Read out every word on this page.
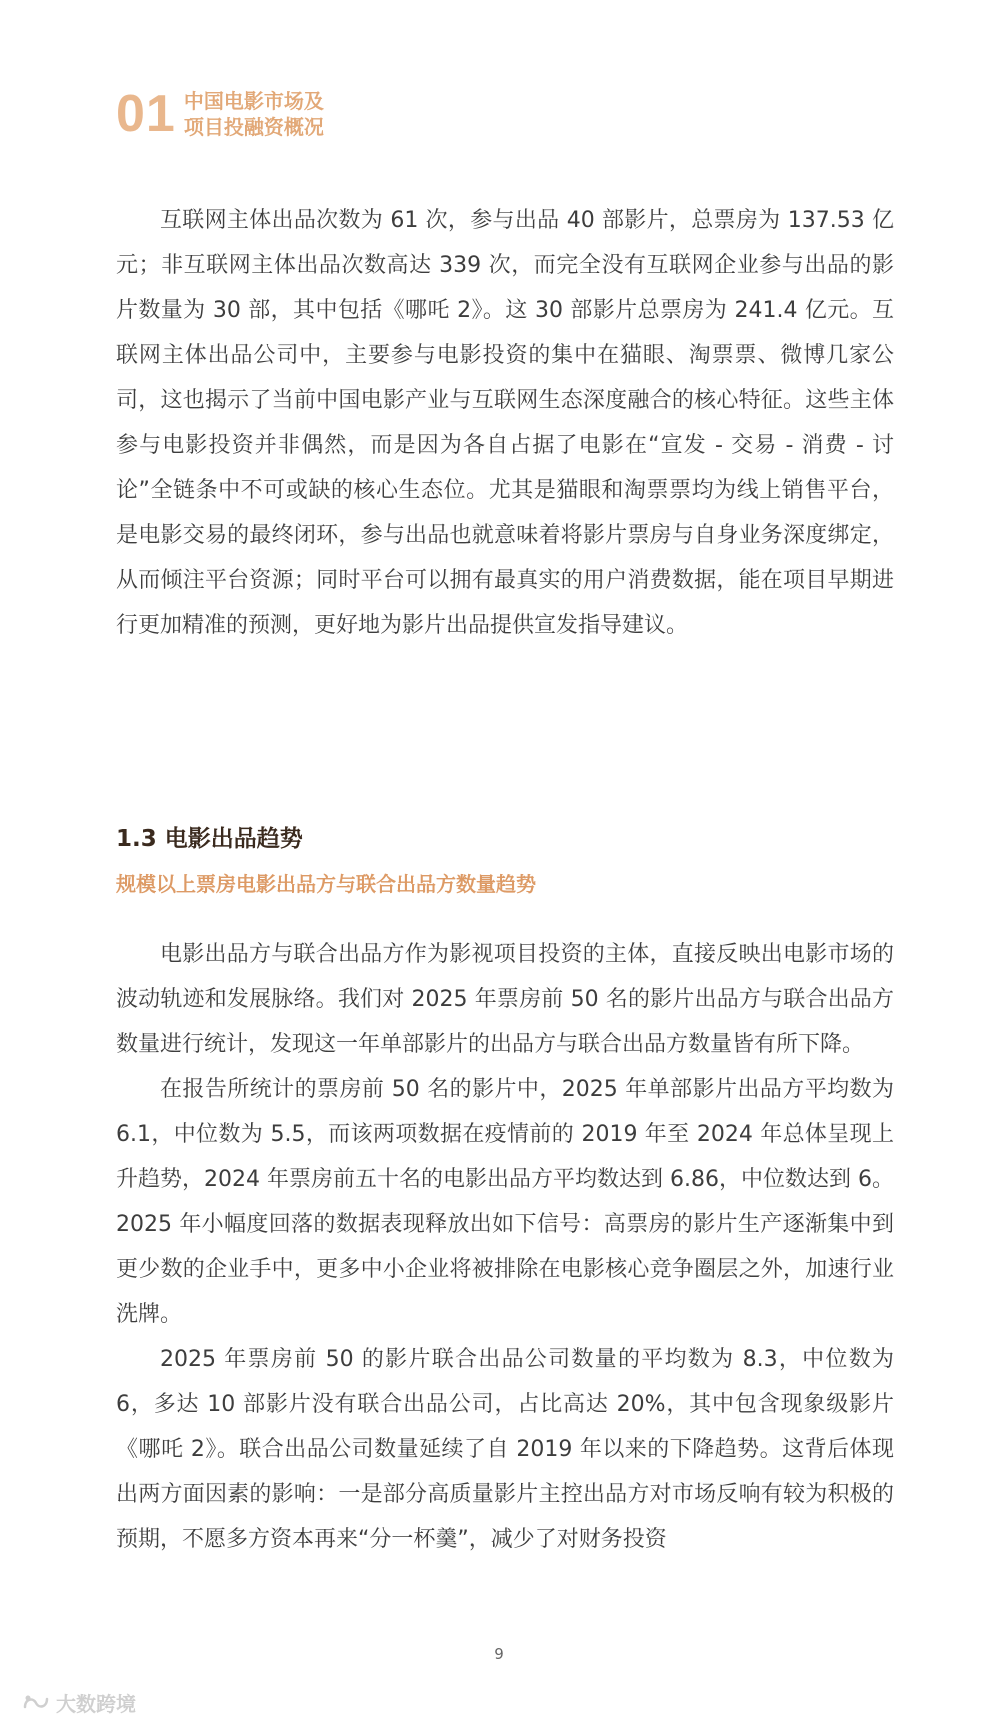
01 中国电影市场及
项目投融资概况

互联网主体出品次数为 61 次，参与出品 40 部影片，总票房为 137.53 亿元；非互联网主体出品次数高达 339 次，而完全没有互联网企业参与出品的影片数量为 30 部，其中包括《哪吒 2》。这 30 部影片总票房为 241.4 亿元。互联网主体出品公司中，主要参与电影投资的集中在猫眼、淘票票、微博几家公司，这也揭示了当前中国电影产业与互联网生态深度融合的核心特征。这些主体参与电影投资并非偶然，而是因为各自占据了电影在“宣发 - 交易 - 消费 - 讨论”全链条中不可或缺的核心生态位。尤其是猫眼和淘票票均为线上销售平台，是电影交易的最终闭环，参与出品也就意味着将影片票房与自身业务深度绑定，从而倾注平台资源；同时平台可以拥有最真实的用户消费数据，能在项目早期进行更加精准的预测，更好地为影片出品提供宣发指导建议。

1.3 电影出品趋势
规模以上票房电影出品方与联合出品方数量趋势

电影出品方与联合出品方作为影视项目投资的主体，直接反映出电影市场的波动轨迹和发展脉络。我们对 2025 年票房前 50 名的影片出品方与联合出品方数量进行统计，发现这一年单部影片的出品方与联合出品方数量皆有所下降。

在报告所统计的票房前 50 名的影片中，2025 年单部影片出品方平均数为 6.1，中位数为 5.5，而该两项数据在疫情前的 2019 年至 2024 年总体呈现上升趋势，2024 年票房前五十名的电影出品方平均数达到 6.86，中位数达到 6。2025 年小幅度回落的数据表现释放出如下信号：高票房的影片生产逐渐集中到更少数的企业手中，更多中小企业将被排除在电影核心竞争圈层之外，加速行业洗牌。

2025 年票房前 50 的影片联合出品公司数量的平均数为 8.3，中位数为 6，多达 10 部影片没有联合出品公司，占比高达 20%，其中包含现象级影片《哪吒 2》。联合出品公司数量延续了自 2019 年以来的下降趋势。这背后体现出两方面因素的影响：一是部分高质量影片主控出品方对市场反响有较为积极的预期，不愿多方资本再来“分一杯羹”，减少了对财务投资

9
大数跨境
